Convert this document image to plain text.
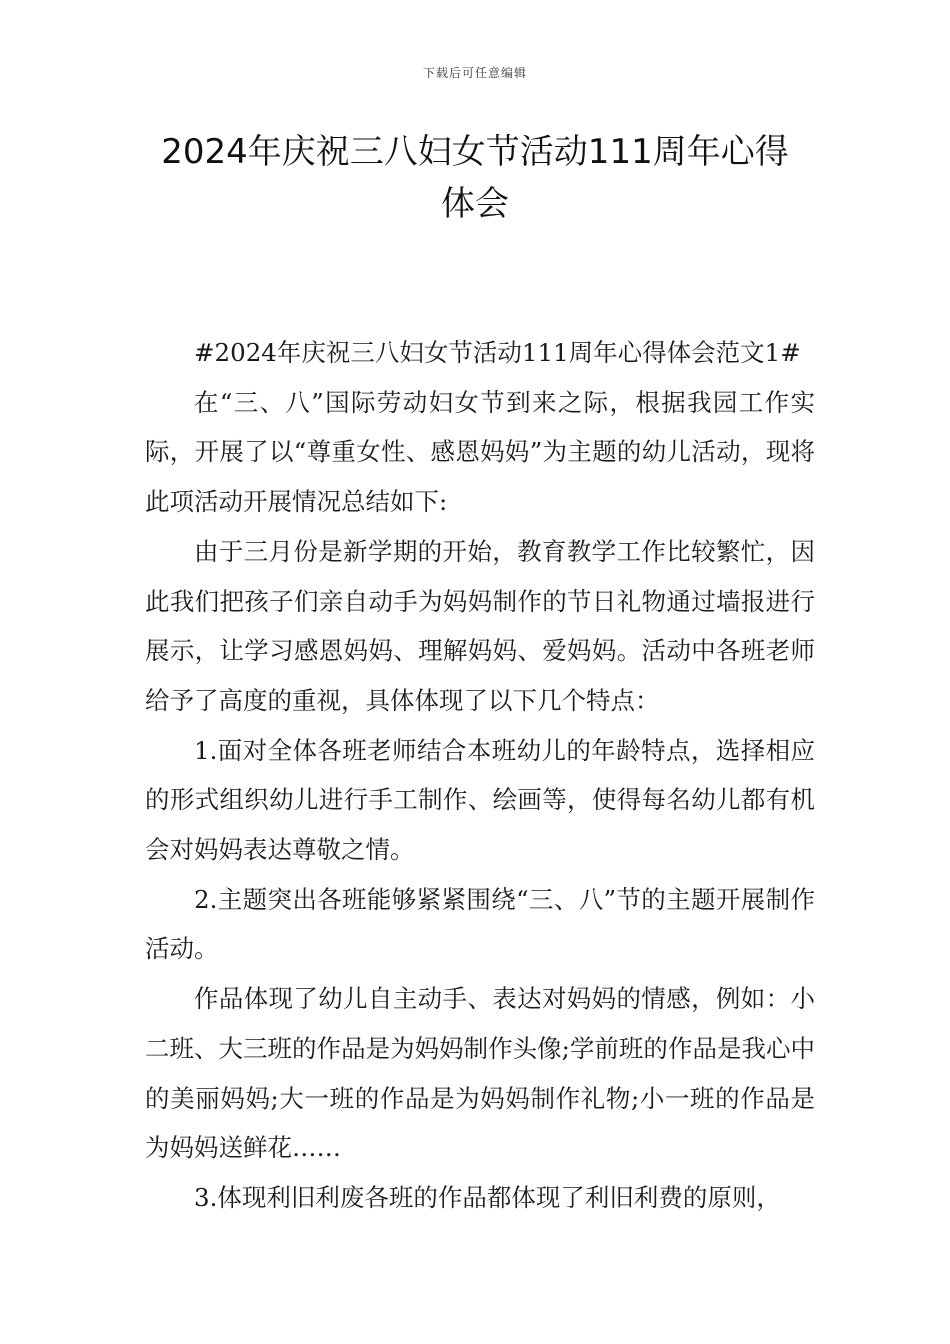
下载后可任意编辑
2024年庆祝三八妇女节活动111周年心得
体会

#2024年庆祝三八妇女节活动111周年心得体会范文1#

在“三、八”国际劳动妇女节到来之际，根据我园工作实际，开展了以“尊重女性、感恩妈妈”为主题的幼儿活动，现将此项活动开展情况总结如下:

由于三月份是新学期的开始，教育教学工作比较繁忙，因此我们把孩子们亲自动手为妈妈制作的节日礼物通过墙报进行展示，让学习感恩妈妈、理解妈妈、爱妈妈。活动中各班老师给予了高度的重视，具体体现了以下几个特点：

1.面对全体各班老师结合本班幼儿的年龄特点，选择相应的形式组织幼儿进行手工制作、绘画等，使得每名幼儿都有机会对妈妈表达尊敬之情。

2.主题突出各班能够紧紧围绕“三、八”节的主题开展制作活动。

作品体现了幼儿自主动手、表达对妈妈的情感，例如：小二班、大三班的作品是为妈妈制作头像;学前班的作品是我心中的美丽妈妈;大一班的作品是为妈妈制作礼物;小一班的作品是为妈妈送鲜花……

3.体现利旧利废各班的作品都体现了利旧利费的原则，
